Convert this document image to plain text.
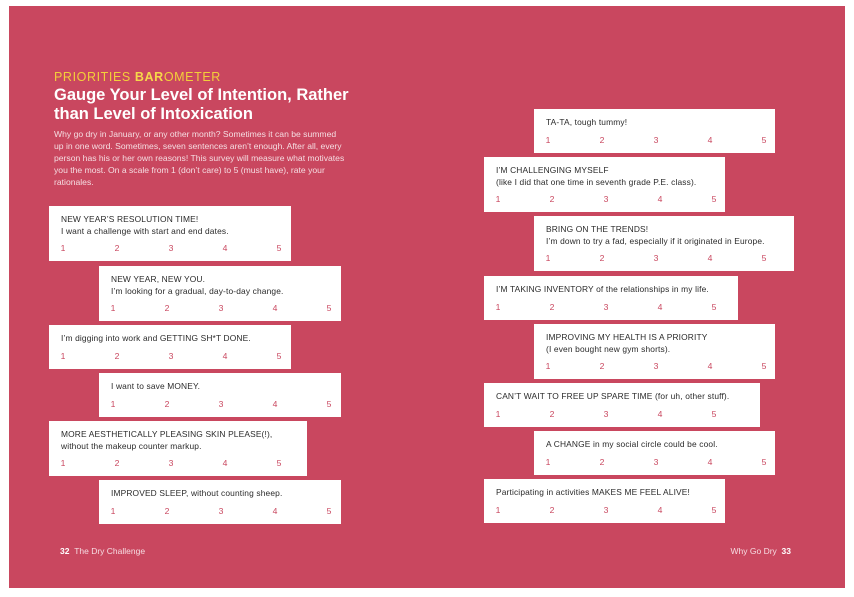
PRIORITIES BAROMETER
Gauge Your Level of Intention, Rather than Level of Intoxication
Why go dry in January, or any other month? Sometimes it can be summed up in one word. Sometimes, seven sentences aren’t enough. After all, every person has his or her own reasons! This survey will measure what motivates you the most. On a scale from 1 (don’t care) to 5 (must have), rate your rationales.
NEW YEAR’S RESOLUTION TIME!
I want a challenge with start and end dates.
1	2	3	4	5
NEW YEAR, NEW YOU.
I’m looking for a gradual, day-to-day change.
1	2	3	4	5
I’m digging into work and GETTING SH*T DONE.
1	2	3	4	5
I want to save MONEY.
1	2	3	4	5
MORE AESTHETICALLY PLEASING SKIN PLEASE(!),
without the makeup counter markup.
1	2	3	4	5
IMPROVED SLEEP, without counting sheep.
1	2	3	4	5
TA-TA, tough tummy!
1	2	3	4	5
I’M CHALLENGING MYSELF
(like I did that one time in seventh grade P.E. class).
1	2	3	4	5
BRING ON THE TRENDS!
I’m down to try a fad, especially if it originated in Europe.
1	2	3	4	5
I’M TAKING INVENTORY of the relationships in my life.
1	2	3	4	5
IMPROVING MY HEALTH IS A PRIORITY
(I even bought new gym shorts).
1	2	3	4	5
CAN’T WAIT TO FREE UP SPARE TIME (for uh, other stuff).
1	2	3	4	5
A CHANGE in my social circle could be cool.
1	2	3	4	5
Participating in activities MAKES ME FEEL ALIVE!
1	2	3	4	5
32 The Dry Challenge	Why Go Dry 33
